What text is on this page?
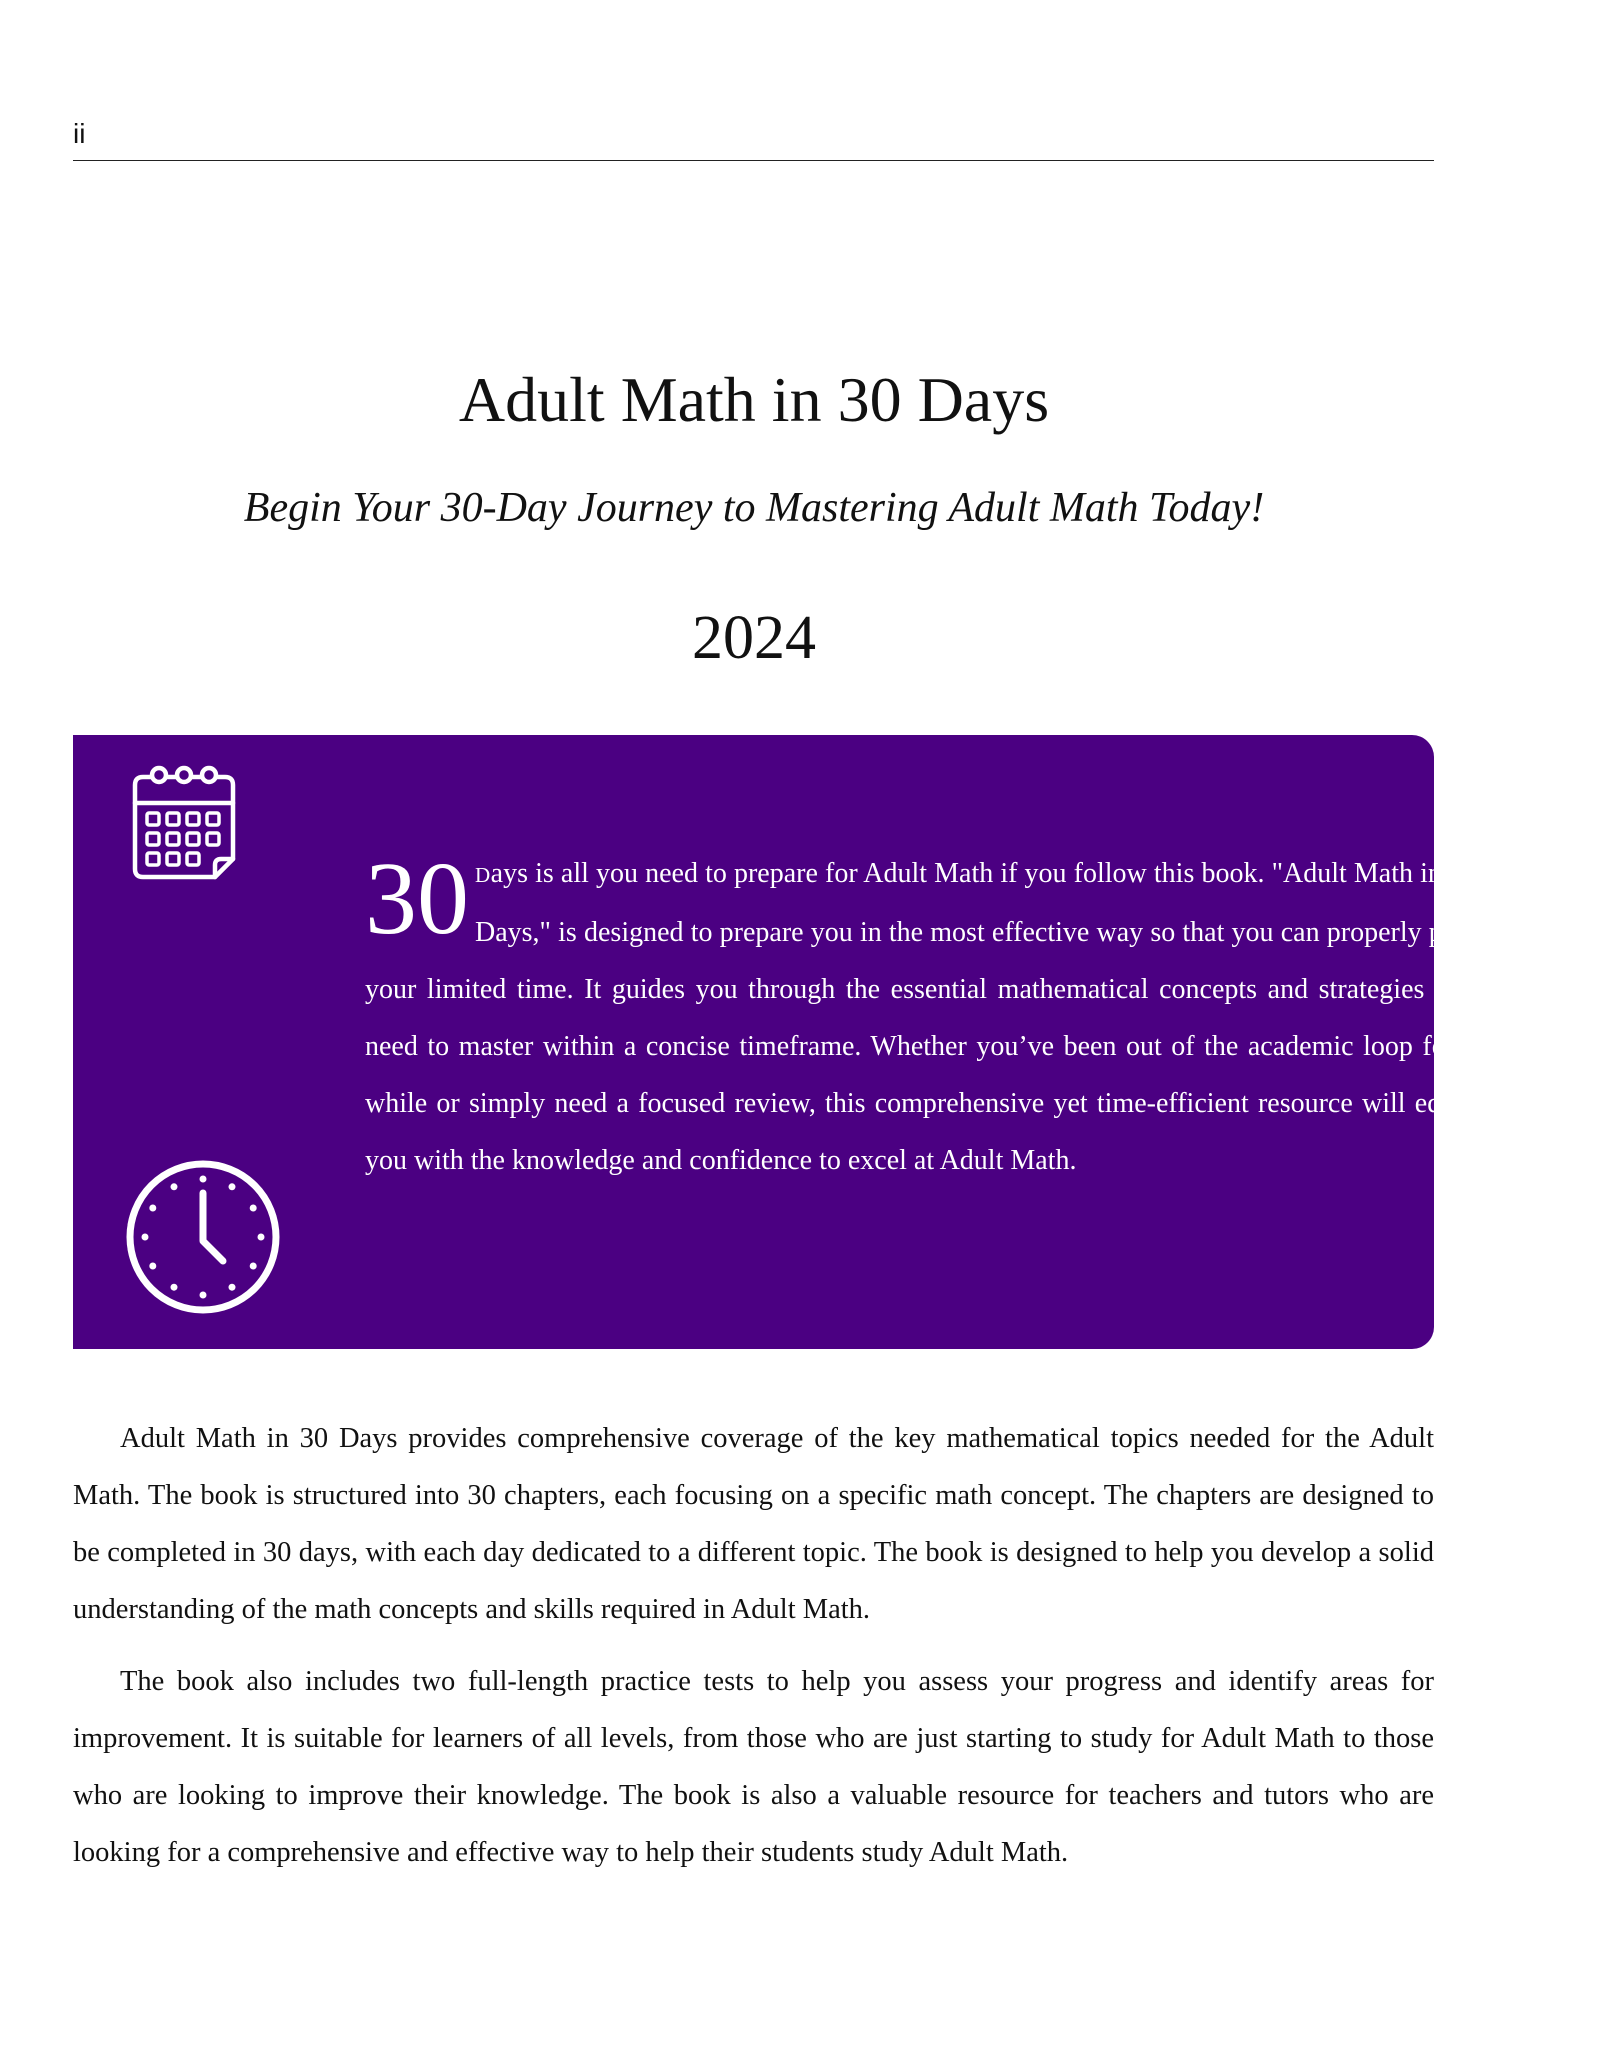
ii
Adult Math in 30 Days
Begin Your 30-Day Journey to Mastering Adult Math Today!
2024
30 Days is all you need to prepare for Adult Math if you follow this book. "Adult Math in 30 Days," is designed to prepare you in the most effective way so that you can properly plan your limited time. It guides you through the essential mathematical concepts and strategies you need to master within a concise timeframe. Whether you’ve been out of the academic loop for a while or simply need a focused review, this comprehensive yet time-efficient resource will equip you with the knowledge and confidence to excel at Adult Math.

Adult Math in 30 Days provides comprehensive coverage of the key mathematical topics needed for the Adult Math. The book is structured into 30 chapters, each focusing on a specific math concept. The chapters are designed to be completed in 30 days, with each day dedicated to a different topic. The book is designed to help you develop a solid understanding of the math concepts and skills required in Adult Math.

The book also includes two full-length practice tests to help you assess your progress and identify areas for improvement. It is suitable for learners of all levels, from those who are just starting to study for Adult Math to those who are looking to improve their knowledge. The book is also a valuable resource for teachers and tutors who are looking for a comprehensive and effective way to help their students study Adult Math.
